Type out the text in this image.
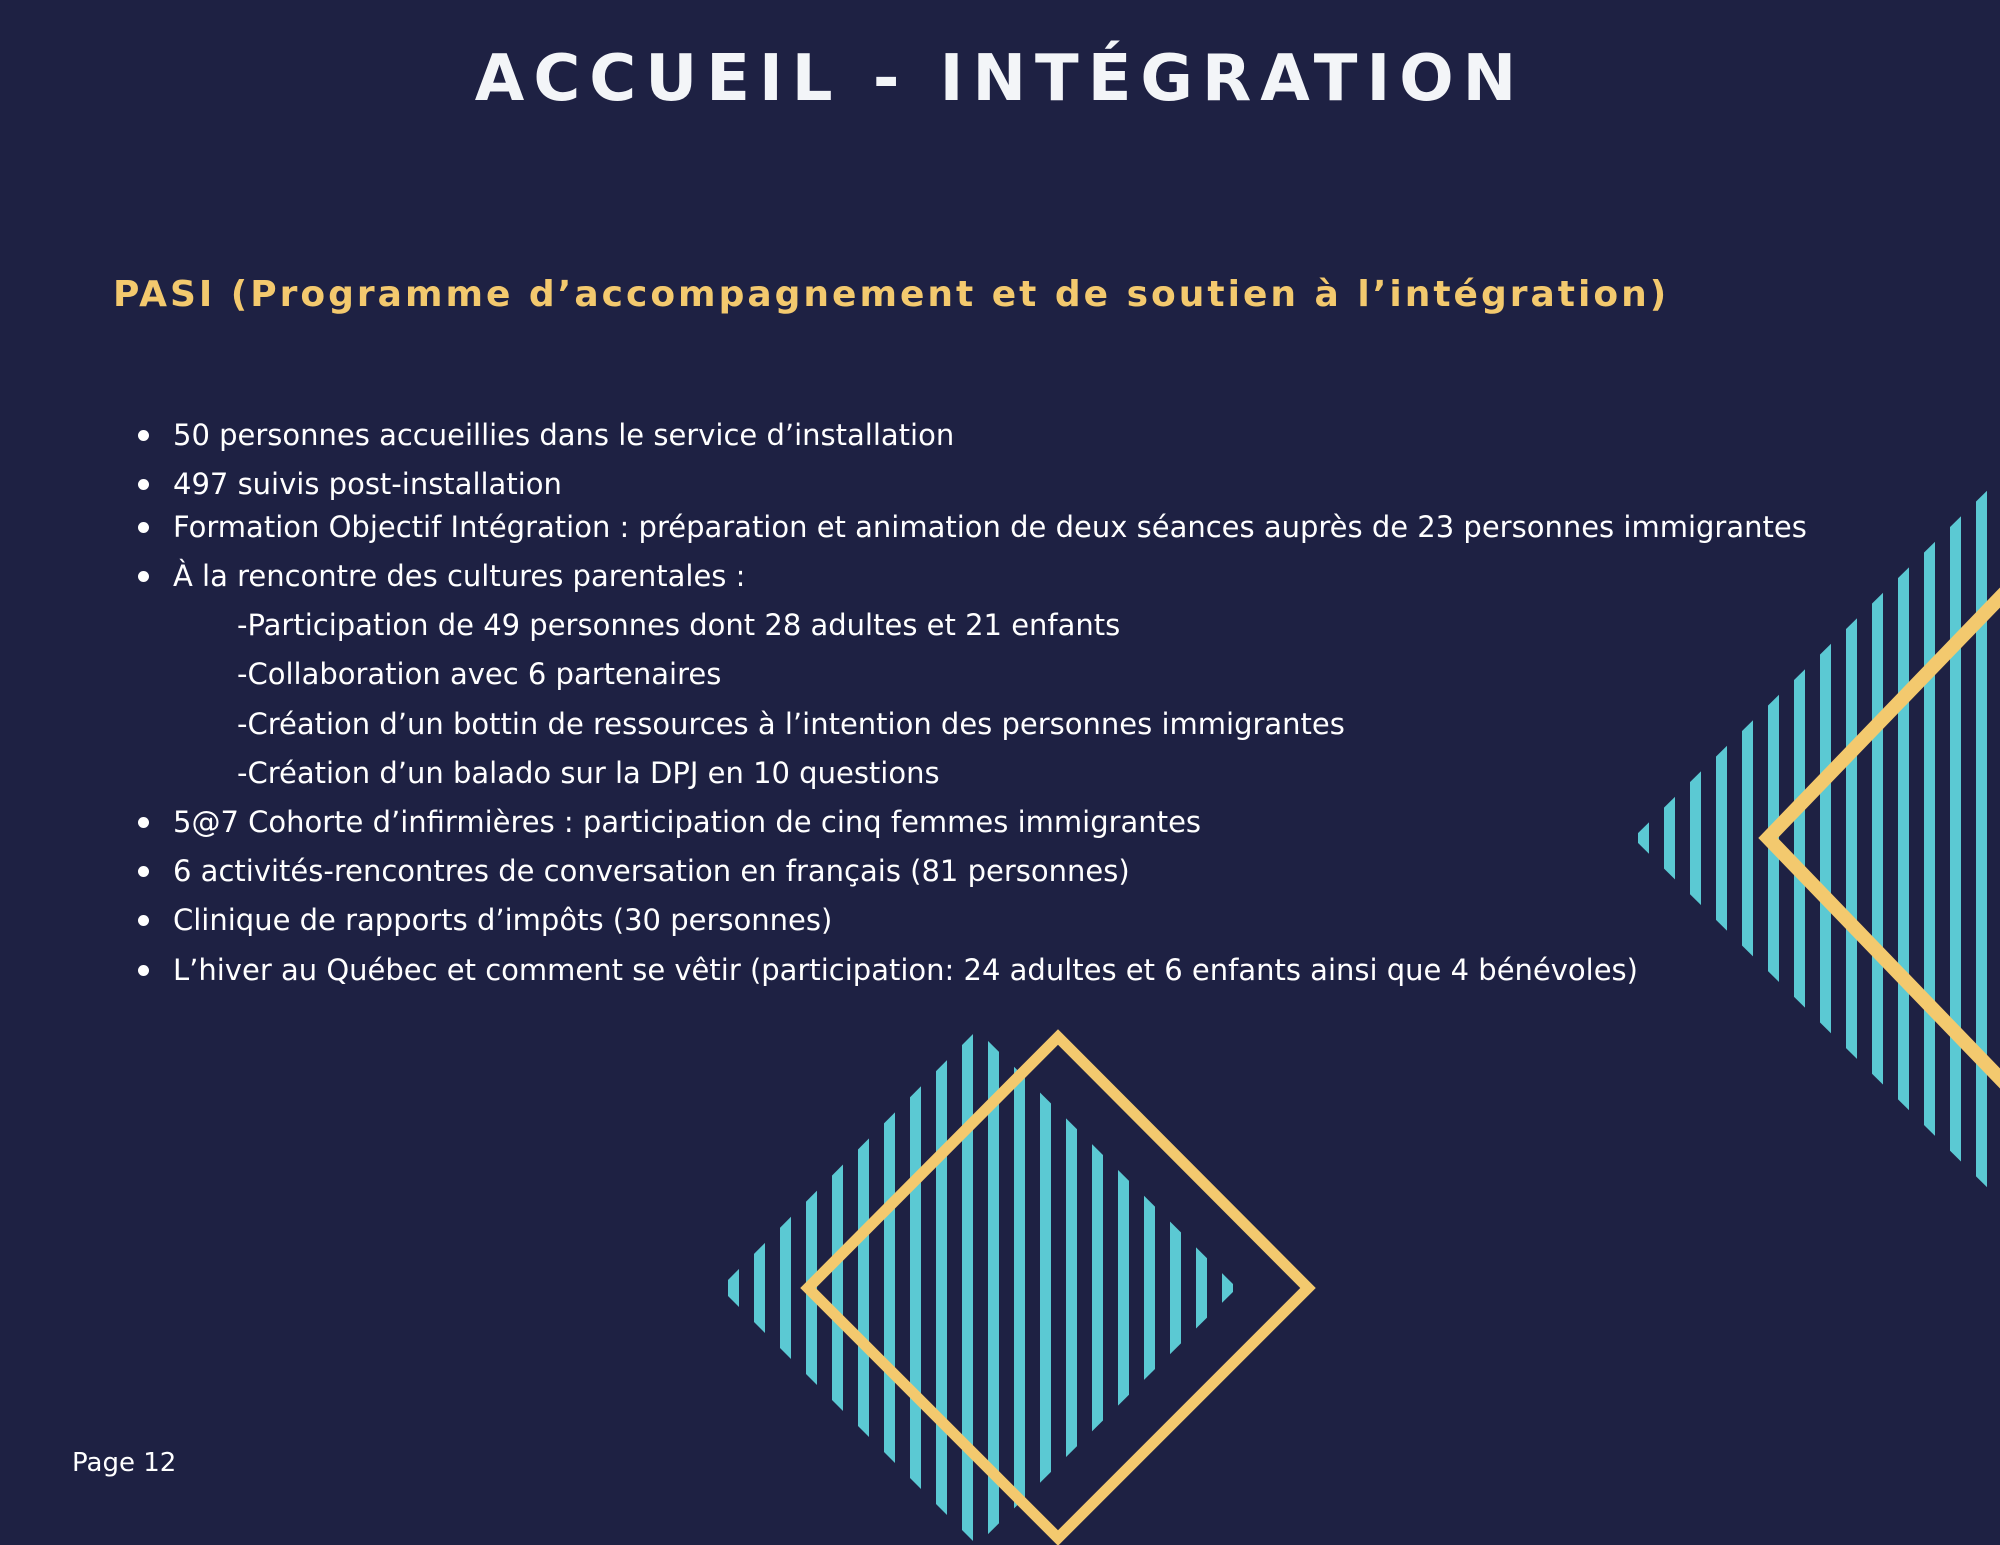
ACCUEIL - INTÉGRATION
PASI (Programme d’accompagnement et de soutien à l’intégration)
50 personnes accueillies dans le service d’installation
497 suivis post-installation
Formation Objectif Intégration : préparation et animation de deux séances auprès de 23 personnes immigrantes
À la rencontre des cultures parentales :
-Participation de 49 personnes dont 28 adultes et 21 enfants
-Collaboration avec 6 partenaires
-Création d’un bottin de ressources à l’intention des personnes immigrantes
-Création d’un balado sur la DPJ en 10 questions
5@7 Cohorte d’infirmières : participation de cinq femmes immigrantes
6 activités-rencontres de conversation en français (81 personnes)
Clinique de rapports d’impôts (30 personnes)
L’hiver au Québec et comment se vêtir (participation: 24 adultes et 6 enfants ainsi que 4 bénévoles)
Page 12
